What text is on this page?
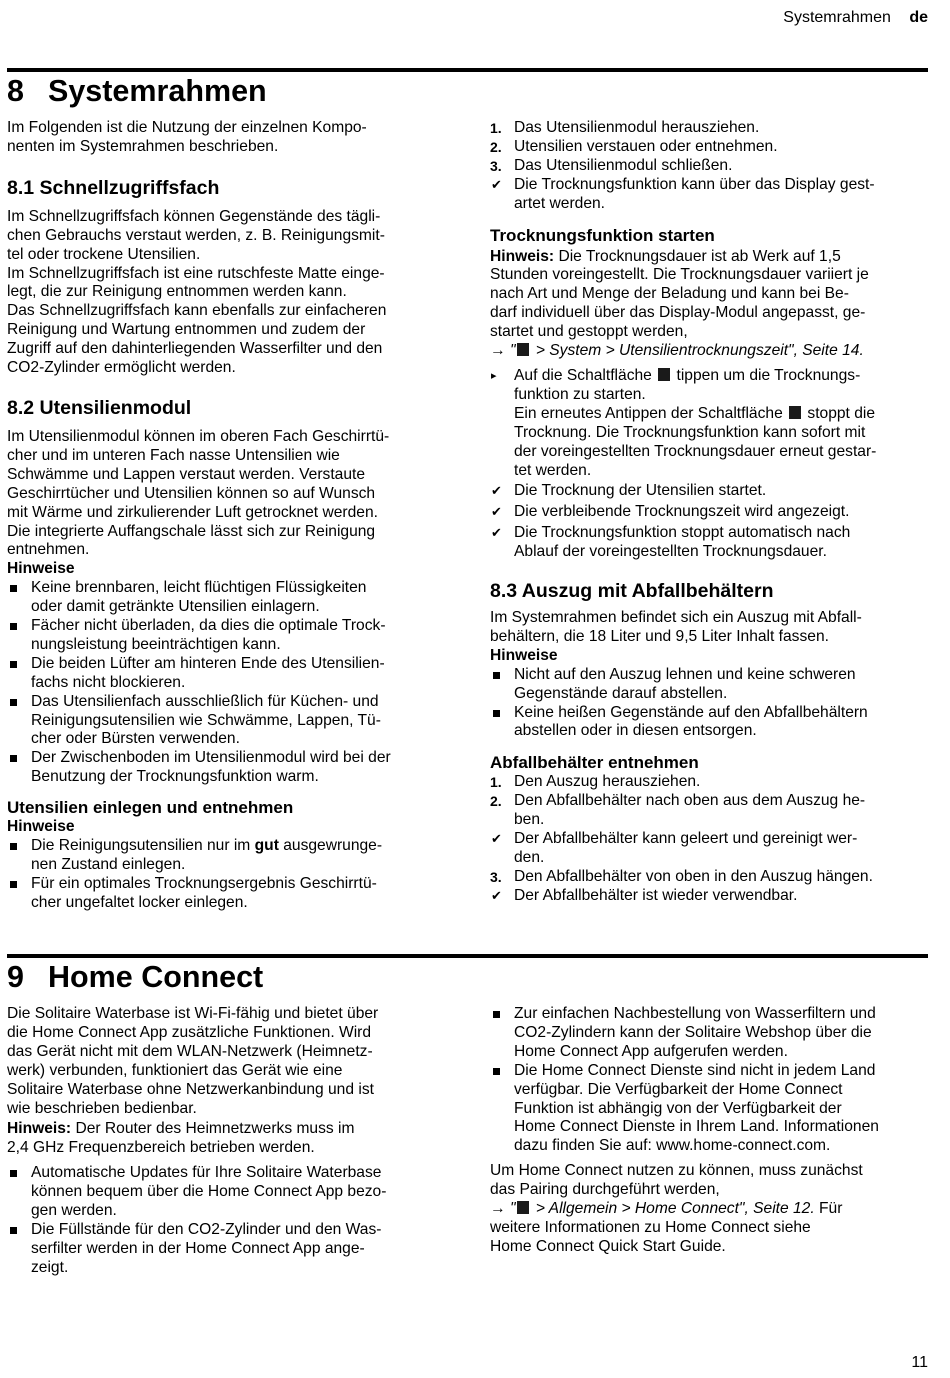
Systemrahmen de
8 Systemrahmen

Im Folgenden ist die Nutzung der einzelnen Kompo-
nenten im Systemrahmen beschrieben.

8.1 Schnellzugriffsfach

Im Schnellzugriffsfach können Gegenstände des tägli-
chen Gebrauchs verstaut werden, z. B. Reinigungsmit-
tel oder trockene Utensilien.
Im Schnellzugriffsfach ist eine rutschfeste Matte einge-
legt, die zur Reinigung entnommen werden kann.
Das Schnellzugriffsfach kann ebenfalls zur einfacheren
Reinigung und Wartung entnommen und zudem der
Zugriff auf den dahinterliegenden Wasserfilter und den
CO2-Zylinder ermöglicht werden.

8.2 Utensilienmodul

Im Utensilienmodul können im oberen Fach Geschirrtü-
cher und im unteren Fach nasse Untensilien wie
Schwämme und Lappen verstaut werden. Verstaute
Geschirrtücher und Utensilien können so auf Wunsch
mit Wärme und zirkulierender Luft getrocknet werden.
Die integrierte Auffangschale lässt sich zur Reinigung
entnehmen.

Hinweise

Keine brennbaren, leicht flüchtigen Flüssigkeiten
oder damit getränkte Utensilien einlagern.
Fächer nicht überladen, da dies die optimale Trock-
nungsleistung beeinträchtigen kann.
Die beiden Lüfter am hinteren Ende des Utensilien-
fachs nicht blockieren.
Das Utensilienfach ausschließlich für Küchen- und
Reinigungsutensilien wie Schwämme, Lappen, Tü-
cher oder Bürsten verwenden.
Der Zwischenboden im Utensilienmodul wird bei der
Benutzung der Trocknungsfunktion warm.
Utensilien einlegen und entnehmen

Hinweise

Die Reinigungsutensilien nur im gut ausgewrunge-
nen Zustand einlegen.
Für ein optimales Trocknungsergebnis Geschirrtü-
cher ungefaltet locker einlegen.
1. Das Utensilienmodul herausziehen.
2. Utensilien verstauen oder entnehmen.
3. Das Utensilienmodul schließen.
✔ Die Trocknungsfunktion kann über das Display gest-
artet werden.
Trocknungsfunktion starten

Hinweis: Die Trocknungsdauer ist ab Werk auf 1,5
Stunden voreingestellt. Die Trocknungsdauer variiert je
nach Art und Menge der Beladung und kann bei Be-
darf individuell über das Display-Modul angepasst, ge-
startet und gestoppt werden,
→ " > System > Utensilientrocknungszeit", Seite 14.

▸ Auf die Schaltfläche  tippen um die Trocknungs-
funktion zu starten.
Ein erneutes Antippen der Schaltfläche  stoppt die
Trocknung. Die Trocknungsfunktion kann sofort mit
der voreingestellten Trocknungsdauer erneut gestar-
tet werden.
✔ Die Trocknung der Utensilien startet.
✔ Die verbleibende Trocknungszeit wird angezeigt.
✔ Die Trocknungsfunktion stoppt automatisch nach
Ablauf der voreingestellten Trocknungsdauer.
8.3 Auszug mit Abfallbehältern

Im Systemrahmen befindet sich ein Auszug mit Abfall-
behältern, die 18 Liter und 9,5 Liter Inhalt fassen.

Hinweise

Nicht auf den Auszug lehnen und keine schweren
Gegenstände darauf abstellen.
Keine heißen Gegenstände auf den Abfallbehältern
abstellen oder in diesen entsorgen.
Abfallbehälter entnehmen
1. Den Auszug herausziehen.
2. Den Abfallbehälter nach oben aus dem Auszug he-
ben.
✔ Der Abfallbehälter kann geleert und gereinigt wer-
den.
3. Den Abfallbehälter von oben in den Auszug hängen.
✔ Der Abfallbehälter ist wieder verwendbar.
9 Home Connect

Die Solitaire Waterbase ist Wi-Fi-fähig und bietet über
die Home Connect App zusätzliche Funktionen. Wird
das Gerät nicht mit dem WLAN-Netzwerk (Heimnetz-
werk) verbunden, funktioniert das Gerät wie eine
Solitaire Waterbase ohne Netzwerkanbindung und ist
wie beschrieben bedienbar.

Hinweis: Der Router des Heimnetzwerks muss im
2,4 GHz Frequenzbereich betrieben werden.

Automatische Updates für Ihre Solitaire Waterbase
können bequem über die Home Connect App bezo-
gen werden.
Die Füllstände für den CO2-Zylinder und den Was-
serfilter werden in der Home Connect App ange-
zeigt.
Zur einfachen Nachbestellung von Wasserfiltern und
CO2-Zylindern kann der Solitaire Webshop über die
Home Connect App aufgerufen werden.
Die Home Connect Dienste sind nicht in jedem Land
verfügbar. Die Verfügbarkeit der Home Connect
Funktion ist abhängig von der Verfügbarkeit der
Home Connect Dienste in Ihrem Land. Informationen
dazu finden Sie auf: www.home-connect.com.

Um Home Connect nutzen zu können, muss zunächst
das Pairing durchgeführt werden,
→ " > Allgemein > Home Connect", Seite 12. Für
weitere Informationen zu Home Connect siehe
Home Connect Quick Start Guide.

11
